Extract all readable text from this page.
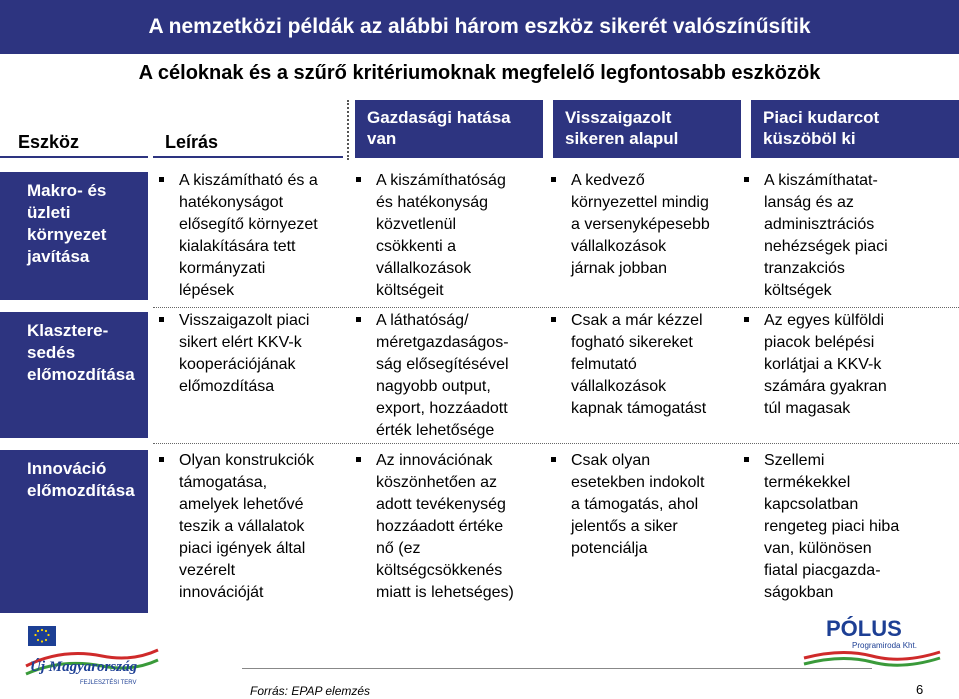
A nemzetközi példák az alábbi három eszköz sikerét valószínűsítik
A céloknak és a szűrő kritériumoknak megfelelő legfontosabb eszközök
Eszköz	Leírás
Gazdasági hatása
van
Visszaigazolt
sikeren alapul
Piaci kudarcot
küszöböl ki
Makro- és
üzleti
környezet
javítása
A kiszámítható és a
hatékonyságot
elősegítő környezet
kialakítására tett
kormányzati
lépések
A kiszámíthatóság
és hatékonyság
közvetlenül
csökkenti a
vállalkozások
költségeit
A kedvező
környezettel mindig
a versenyképesebb
vállalkozások
járnak jobban
A kiszámíthatat-
lanság és az
adminisztrációs
nehézségek piaci
tranzakciós
költségek
Klasztere-
sedés
előmozdítása
Visszaigazolt piaci
sikert elért KKV-k
kooperációjának
előmozdítása
A láthatóság/
méretgazdaságos-
ság elősegítésével
nagyobb output,
export, hozzáadott
érték lehetősége
Csak a már kézzel
fogható sikereket
felmutató
vállalkozások
kapnak támogatást
Az egyes külföldi
piacok belépési
korlátjai a KKV-k
számára gyakran
túl magasak
Innováció
előmozdítása
Olyan konstrukciók
támogatása,
amelyek lehetővé
teszik a vállalatok
piaci igények által
vezérelt
innovációját
Az innovációnak
köszönhetően az
adott tevékenység
hozzáadott értéke
nő (ez
költségcsökkenés
miatt is lehetséges)
Csak olyan
esetekben indokolt
a támogatás, ahol
jelentős a siker
potenciálja
Szellemi
termékekkel
kapcsolatban
rengeteg piaci hiba
van, különösen
fiatal piacgazda-
ságokban
Új Magyarország
FEJLESZTÉSI TERV
PÓLUS
Programiroda Kht.
Forrás: EPAP elemzés	6
